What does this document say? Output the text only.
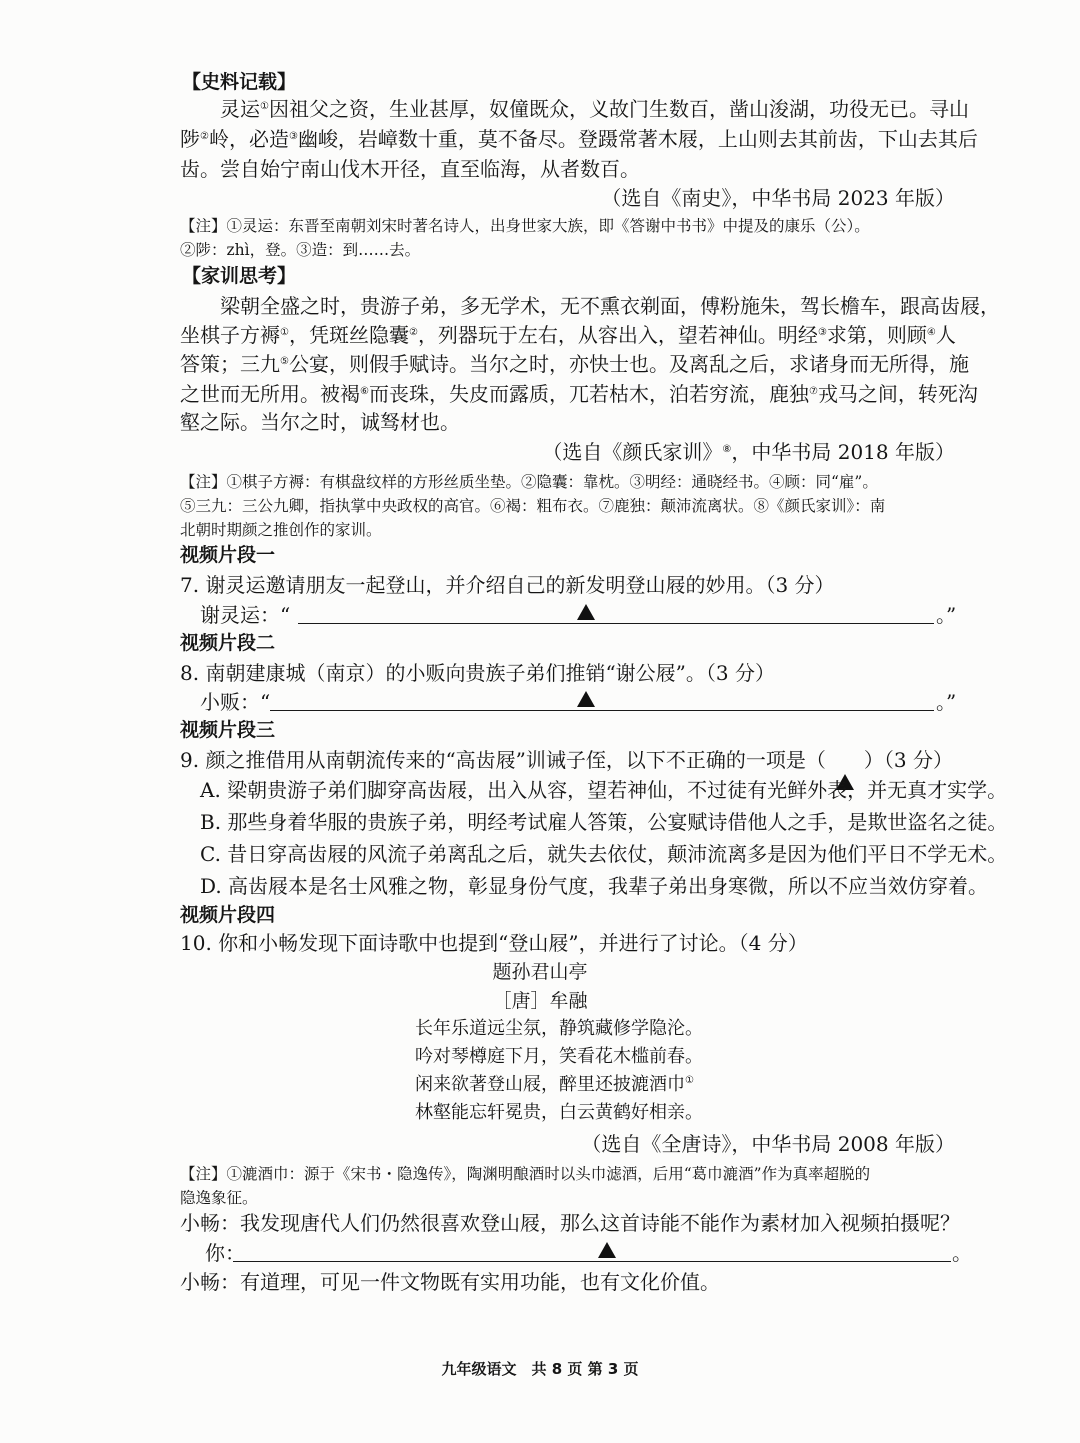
【史料记载】
灵运①因祖父之资，生业甚厚，奴僮既众，义故门生数百，凿山浚湖，功役无已。寻山
陟②岭，必造③幽峻，岩嶂数十重，莫不备尽。登蹑常著木屐，上山则去其前齿，下山去其后
齿。尝自始宁南山伐木开径，直至临海，从者数百。
（选自《南史》，中华书局 2023 年版）
【注】①灵运：东晋至南朝刘宋时著名诗人，出身世家大族，即《答谢中书书》中提及的康乐（公）。
②陟：zhì，登。③造：到……去。
【家训思考】
梁朝全盛之时，贵游子弟，多无学术，无不熏衣剃面，傅粉施朱，驾长檐车，跟高齿屐，
坐棋子方褥①，凭斑丝隐囊②，列器玩于左右，从容出入，望若神仙。明经③求第，则顾④人
答策；三九⑤公宴，则假手赋诗。当尔之时，亦快士也。及离乱之后，求诸身而无所得，施
之世而无所用。被褐⑥而丧珠，失皮而露质，兀若枯木，泊若穷流，鹿独⑦戎马之间，转死沟
壑之际。当尔之时，诚驽材也。
（选自《颜氏家训》⑧，中华书局 2018 年版）
【注】①棋子方褥：有棋盘纹样的方形丝质坐垫。②隐囊：靠枕。③明经：通晓经书。④顾：同“雇”。
⑤三九：三公九卿，指执掌中央政权的高官。⑥褐：粗布衣。⑦鹿独：颠沛流离状。⑧《颜氏家训》：南
北朝时期颜之推创作的家训。
视频片段一
7. 谢灵运邀请朋友一起登山，并介绍自己的新发明登山屐的妙用。（3 分）
谢灵运：“	。”
视频片段二
8. 南朝建康城（南京）的小贩向贵族子弟们推销“谢公屐”。（3 分）
小贩：“	。”
视频片段三
9. 颜之推借用从南朝流传来的“高齿屐”训诫子侄，以下不正确的一项是（ ）（3 分）
A. 梁朝贵游子弟们脚穿高齿屐，出入从容，望若神仙，不过徒有光鲜外表，并无真才实学。
B. 那些身着华服的贵族子弟，明经考试雇人答策，公宴赋诗借他人之手，是欺世盗名之徒。
C. 昔日穿高齿屐的风流子弟离乱之后，就失去依仗，颠沛流离多是因为他们平日不学无术。
D. 高齿屐本是名士风雅之物，彰显身份气度，我辈子弟出身寒微，所以不应当效仿穿着。
视频片段四
10. 你和小畅发现下面诗歌中也提到“登山屐”，并进行了讨论。（4 分）
题孙君山亭
［唐］牟融
长年乐道远尘氛，静筑藏修学隐沦。
吟对琴樽庭下月，笑看花木槛前春。
闲来欲著登山屐，醉里还披漉酒巾①
林壑能忘轩冕贵，白云黄鹤好相亲。
（选自《全唐诗》，中华书局 2008 年版）
【注】①漉酒巾：源于《宋书・隐逸传》，陶渊明酿酒时以头巾滤酒，后用“葛巾漉酒”作为真率超脱的
隐逸象征。
小畅：我发现唐代人们仍然很喜欢登山屐，那么这首诗能不能作为素材加入视频拍摄呢？
你：	。
小畅：有道理，可见一件文物既有实用功能，也有文化价值。
九年级语文　共 8 页 第 3 页
